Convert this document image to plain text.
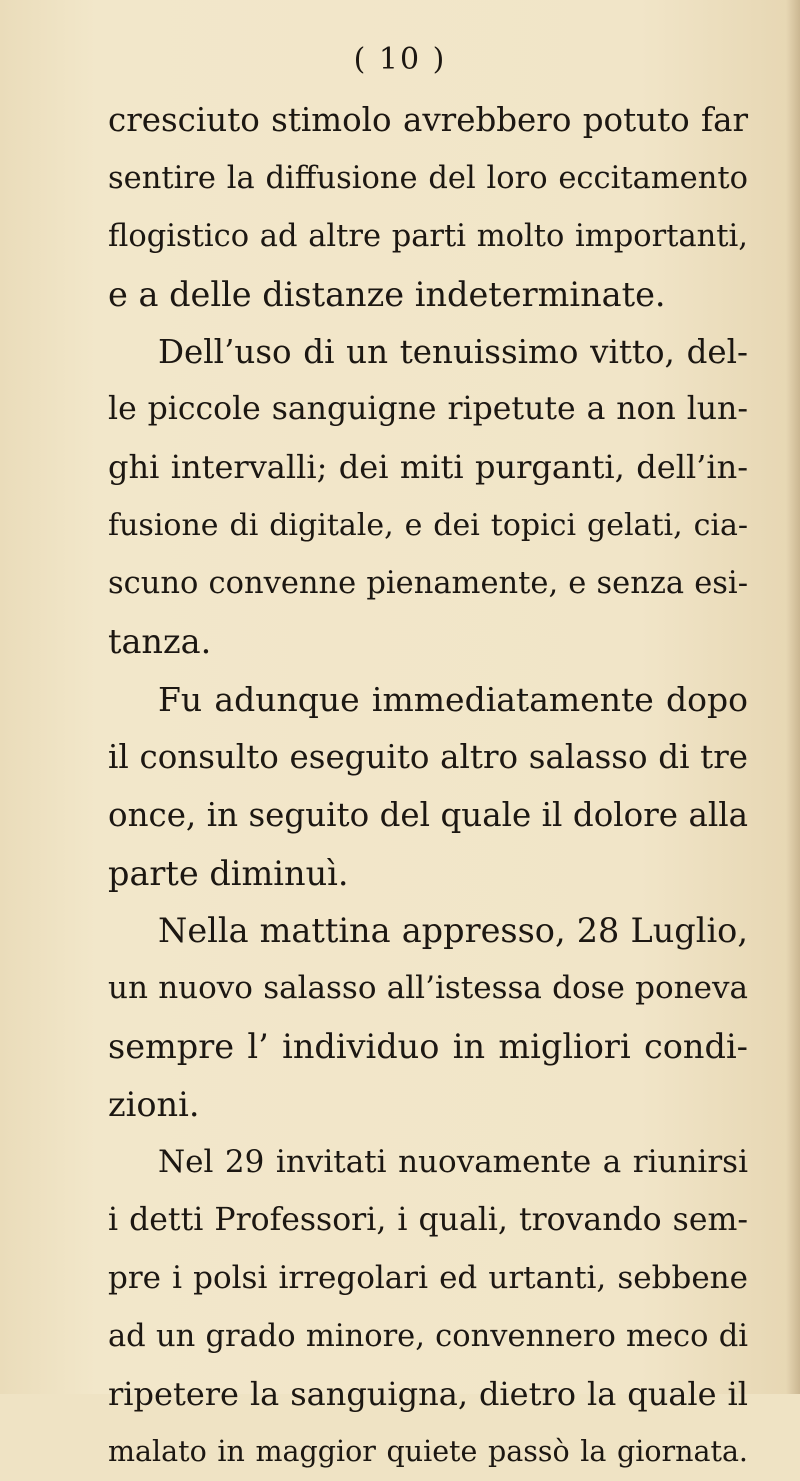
( 10 )
cresciuto stimolo avrebbero potuto far
sentire la diffusione del loro eccitamento
flogistico ad altre parti molto importanti,
e a delle distanze indeterminate.
Dell’uso di un tenuissimo vitto, del-
le piccole sanguigne ripetute a non lun-
ghi intervalli; dei miti purganti, dell’in-
fusione di digitale, e dei topici gelati, cia-
scuno convenne pienamente, e senza esi-
tanza.
Fu adunque immediatamente dopo
il consulto eseguito altro salasso di tre
once, in seguito del quale il dolore alla
parte diminuì.
Nella mattina appresso, 28 Luglio,
un nuovo salasso all’istessa dose poneva
sempre l’ individuo in migliori condi-
zioni.
Nel 29 invitati nuovamente a riunirsi
i detti Professori, i quali, trovando sem-
pre i polsi irregolari ed urtanti, sebbene
ad un grado minore, convennero meco di
ripetere la sanguigna, dietro la quale il
malato in maggior quiete passò la giornata.
